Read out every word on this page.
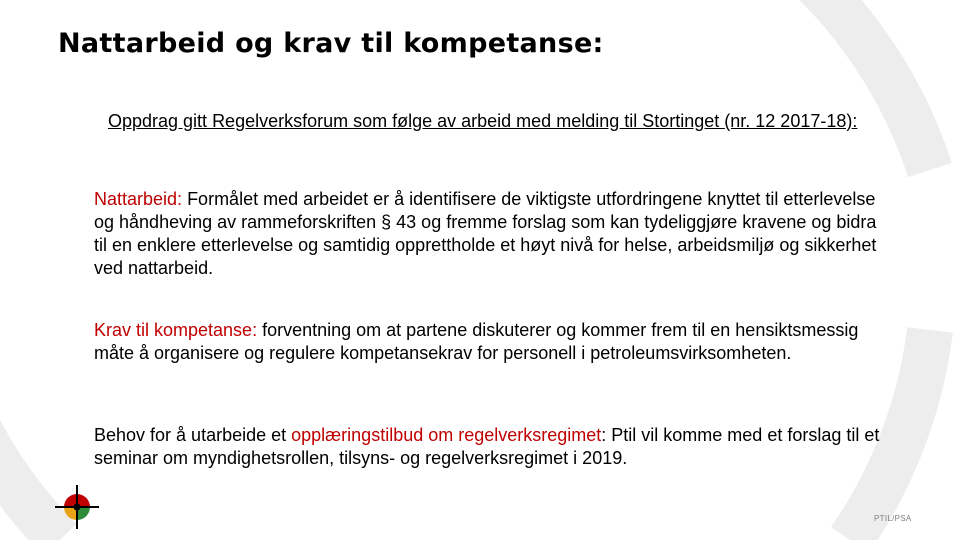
Nattarbeid og krav til kompetanse:
Oppdrag gitt Regelverksforum som følge av arbeid med melding til Stortinget (nr. 12 2017-18):
Nattarbeid: Formålet med arbeidet er å identifisere de viktigste utfordringene knyttet til etterlevelse og håndheving av rammeforskriften § 43 og fremme forslag som kan tydeliggjøre kravene og bidra til en enklere etterlevelse og samtidig opprettholde et høyt nivå for helse, arbeidsmiljø og sikkerhet ved nattarbeid.
Krav til kompetanse: forventning om at partene diskuterer og kommer frem til en hensiktsmessig måte å organisere og regulere kompetansekrav for personell i petroleumsvirksomheten.
Behov for å utarbeide et opplæringstilbud om regelverksregimet: Ptil vil komme med et forslag til et seminar om myndighetsrollen, tilsyns- og regelverksregimet i 2019.
PTIL/PSA
